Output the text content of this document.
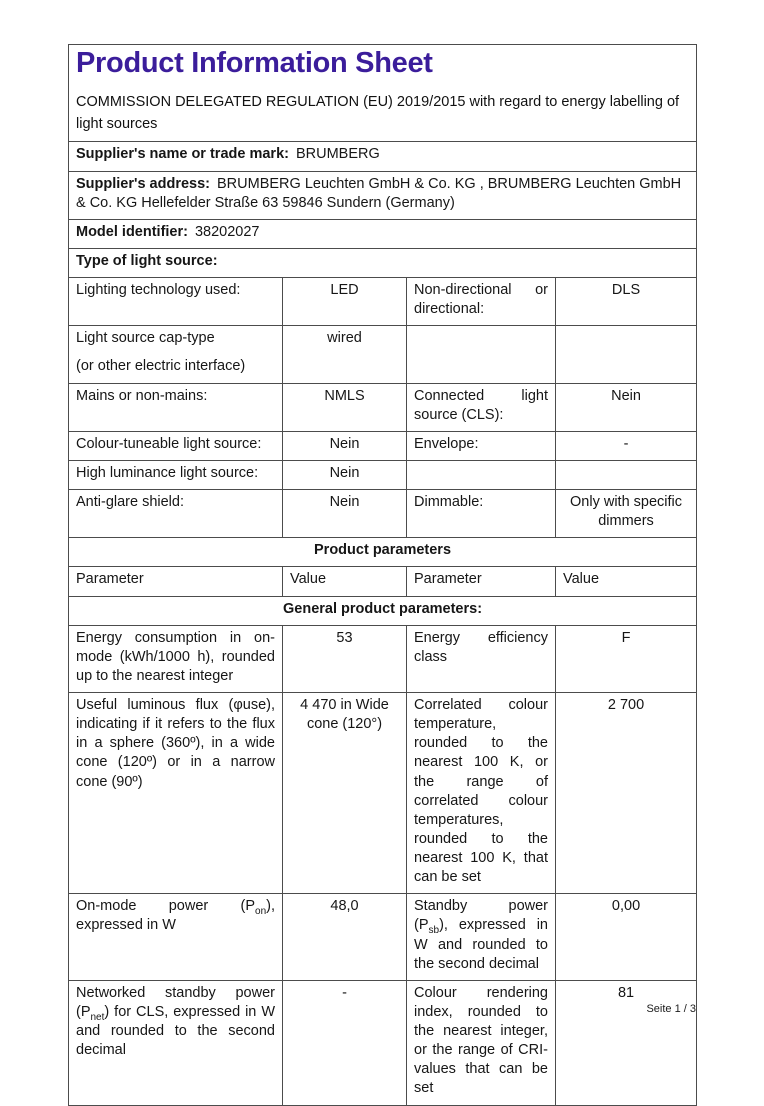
Product Information Sheet
COMMISSION DELEGATED REGULATION (EU) 2019/2015 with regard to energy labelling of light sources

Supplier's name or trade mark: BRUMBERG			
Supplier's address: BRUMBERG Leuchten GmbH & Co. KG , BRUMBERG Leuchten GmbH & Co. KG Hellefelder Straße 63 59846 Sundern (Germany)			
Model identifier: 38202027			
Type of light source:			
Lighting technology used:	LED	Non-directional or directional:	DLS

Light source cap-type
(or other electric interface)	wired		
Mains or non-mains:	NMLS	Connected light source (CLS):	Nein
Colour-tuneable light source:	Nein	Envelope:	-
High luminance light source:	Nein		
Anti-glare shield:	Nein	Dimmable:	Only with specific dimmers
Product parameters			
Parameter	Value	Parameter	Value
General product parameters:			
Energy consumption in on-mode (kWh/1000 h), rounded up to the nearest integer	53	Energy efficiency class	F
Useful luminous flux (φuse), indicating if it refers to the flux in a sphere (360º), in a wide cone (120º) or in a narrow cone (90º)	4 470 in Wide cone (120°)	Correlated colour temperature, rounded to the nearest 100 K, or the range of correlated colour temperatures, rounded to the nearest 100 K, that can be set	2 700
On-mode power $(P_{on})$, expressed in W	48,0	Standby power $(P_{sb})$, expressed in W and rounded to the second decimal	0,00
Networked standby power $(P_{net})$ for CLS, expressed in W and rounded to the second decimal	-	Colour rendering index, rounded to the nearest integer, or the range of CRI-values that can be set	81
Seite 1 / 3
